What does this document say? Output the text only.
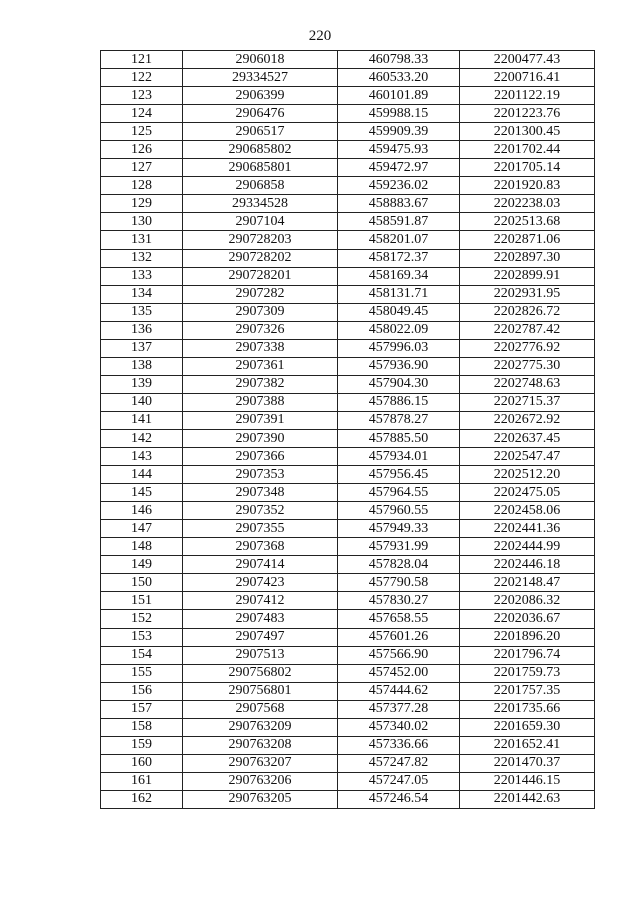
220
121	2906018	460798.33	2200477.43
122	29334527	460533.20	2200716.41
123	2906399	460101.89	2201122.19
124	2906476	459988.15	2201223.76
125	2906517	459909.39	2201300.45
126	290685802	459475.93	2201702.44
127	290685801	459472.97	2201705.14
128	2906858	459236.02	2201920.83
129	29334528	458883.67	2202238.03
130	2907104	458591.87	2202513.68
131	290728203	458201.07	2202871.06
132	290728202	458172.37	2202897.30
133	290728201	458169.34	2202899.91
134	2907282	458131.71	2202931.95
135	2907309	458049.45	2202826.72
136	2907326	458022.09	2202787.42
137	2907338	457996.03	2202776.92
138	2907361	457936.90	2202775.30
139	2907382	457904.30	2202748.63
140	2907388	457886.15	2202715.37
141	2907391	457878.27	2202672.92
142	2907390	457885.50	2202637.45
143	2907366	457934.01	2202547.47
144	2907353	457956.45	2202512.20
145	2907348	457964.55	2202475.05
146	2907352	457960.55	2202458.06
147	2907355	457949.33	2202441.36
148	2907368	457931.99	2202444.99
149	2907414	457828.04	2202446.18
150	2907423	457790.58	2202148.47
151	2907412	457830.27	2202086.32
152	2907483	457658.55	2202036.67
153	2907497	457601.26	2201896.20
154	2907513	457566.90	2201796.74
155	290756802	457452.00	2201759.73
156	290756801	457444.62	2201757.35
157	2907568	457377.28	2201735.66
158	290763209	457340.02	2201659.30
159	290763208	457336.66	2201652.41
160	290763207	457247.82	2201470.37
161	290763206	457247.05	2201446.15
162	290763205	457246.54	2201442.63
